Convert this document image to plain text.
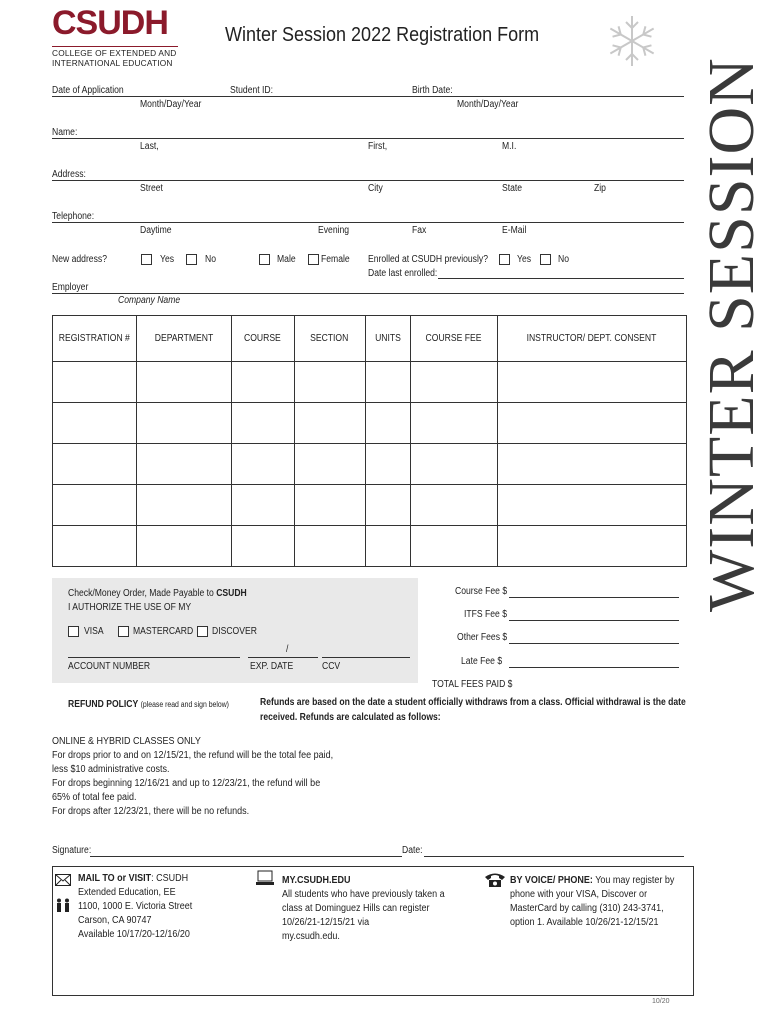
CSUDH
COLLEGE OF EXTENDED AND
INTERNATIONAL EDUCATION
Winter Session 2022 Registration Form
WINTER SESSION
Date of Application	Student ID:	Birth Date:
Month/Day/Year	Month/Day/Year
Name:
Last,	First,	M.I.
Address:
Street	City	State	Zip
Telephone:
Daytime	Evening	Fax	E-Mail
New address?	Yes	No	Male	Female Enrolled at CSUDH previously?	Yes	No
Date last enrolled:
Employer
Company Name
REGISTRATION #	DEPARTMENT	COURSE	SECTION	UNITS	COURSE FEE	INSTRUCTOR/ DEPT. CONSENT

Check/Money Order, Made Payable to CSUDH
I AUTHORIZE THE USE OF MY
VISA	MASTERCARD DISCOVER
/
ACCOUNT NUMBER	EXP. DATE	CCV
Course Fee $
ITFS Fee $
Other Fees $
Late Fee $
TOTAL FEES PAID $
REFUND POLICY (please read and sign below)	Refunds are based on the date a student officially withdraws from a class. Official withdrawal is the date
received. Refunds are calculated as follows:
ONLINE & HYBRID CLASSES ONLY
For drops prior to and on 12/15/21, the refund will be the total fee paid,
less $10 administrative costs.
For drops beginning 12/16/21 and up to 12/23/21, the refund will be
65% of total fee paid.
For drops after 12/23/21, there will be no refunds.
Signature:	Date:
MAIL TO or VISIT: CSUDH
Extended Education, EE
1100, 1000 E. Victoria Street
Carson, CA 90747
Available 10/17/20-12/16/20
MY.CSUDH.EDU
All students who have previously taken a
class at Dominguez Hills can register
10/26/21-12/15/21 via
my.csudh.edu.
BY VOICE/ PHONE: You may register by
phone with your VISA, Discover or
MasterCard by calling (310) 243-3741,
option 1. Available 10/26/21-12/15/21
10/20
